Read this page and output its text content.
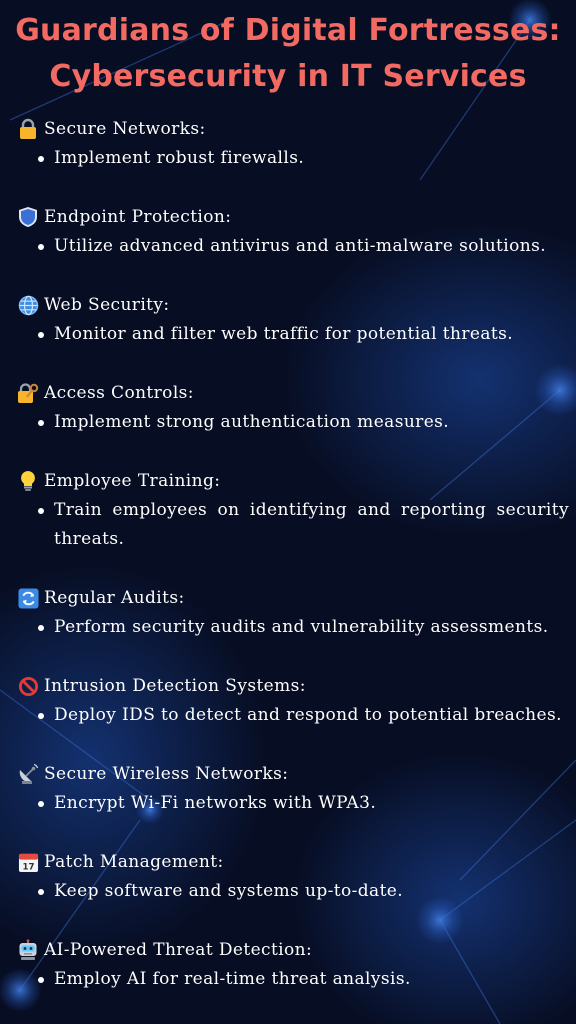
Guardians of Digital Fortresses:
Cybersecurity in IT Services
Secure Networks:
Implement robust firewalls.
Endpoint Protection:
Utilize advanced antivirus and anti-malware solutions.
Web Security:
Monitor and filter web traffic for potential threats.
Access Controls:
Implement strong authentication measures.
Employee Training:
Train employees on identifying and reporting security threats.
Regular Audits:
Perform security audits and vulnerability assessments.
Intrusion Detection Systems:
Deploy IDS to detect and respond to potential breaches.
Secure Wireless Networks:
Encrypt Wi-Fi networks with WPA3.
17 Patch Management:
Keep software and systems up-to-date.
AI-Powered Threat Detection:
Employ AI for real-time threat analysis.
